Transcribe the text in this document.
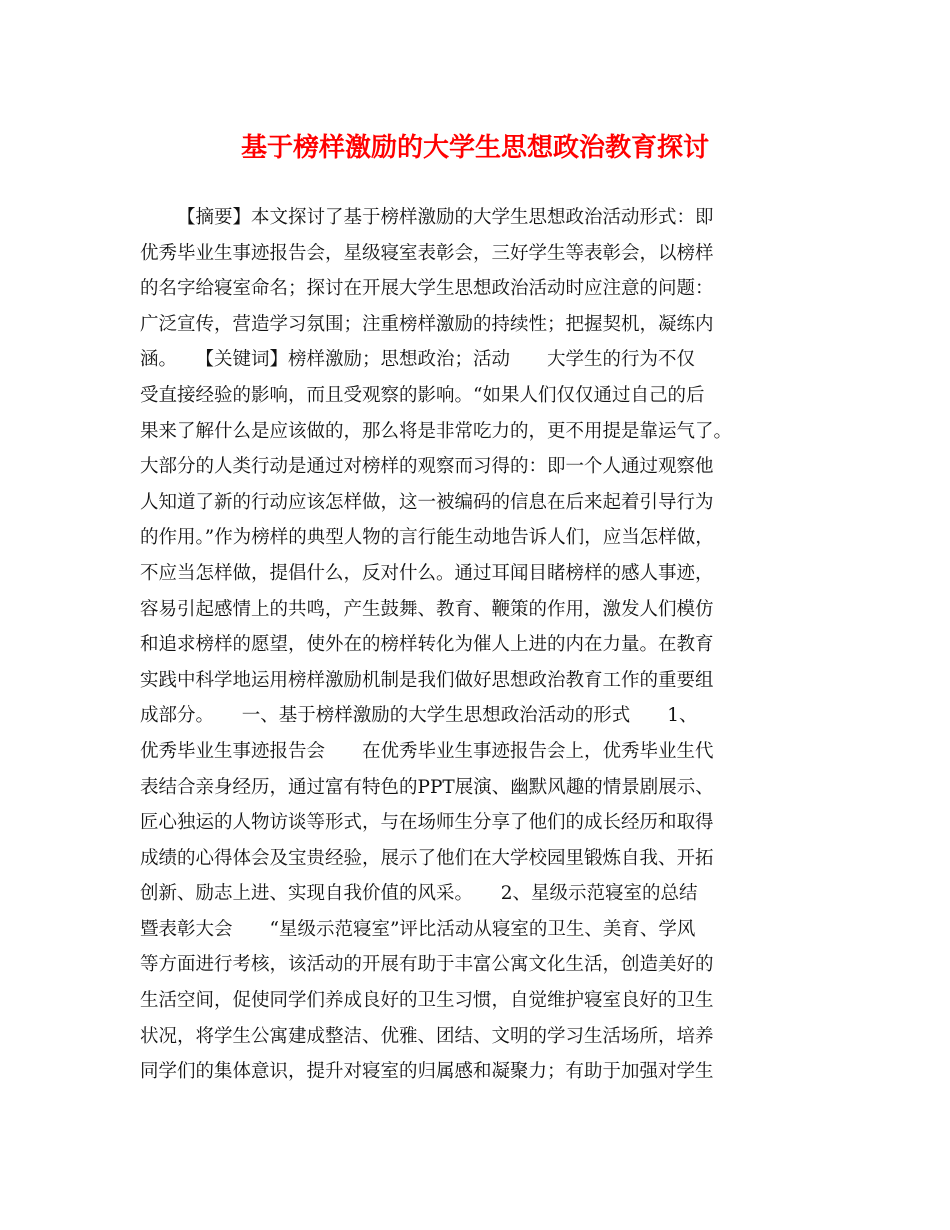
基于榜样激励的大学生思想政治教育探讨
【摘要】本文探讨了基于榜样激励的大学生思想政治活动形式：即
优秀毕业生事迹报告会，星级寝室表彰会，三好学生等表彰会，以榜样
的名字给寝室命名；探讨在开展大学生思想政治活动时应注意的问题：
广泛宣传，营造学习氛围；注重榜样激励的持续性；把握契机，凝练内
涵。　　【关键词】榜样激励；思想政治；活动　　大学生的行为不仅
受直接经验的影响，而且受观察的影响。“如果人们仅仅通过自己的后
果来了解什么是应该做的，那么将是非常吃力的，更不用提是靠运气了。
大部分的人类行动是通过对榜样的观察而习得的：即一个人通过观察他
人知道了新的行动应该怎样做，这一被编码的信息在后来起着引导行为
的作用。”作为榜样的典型人物的言行能生动地告诉人们，应当怎样做，
不应当怎样做，提倡什么，反对什么。通过耳闻目睹榜样的感人事迹，
容易引起感情上的共鸣，产生鼓舞、教育、鞭策的作用，激发人们模仿
和追求榜样的愿望，使外在的榜样转化为催人上进的内在力量。在教育
实践中科学地运用榜样激励机制是我们做好思想政治教育工作的重要组
成部分。　　一、基于榜样激励的大学生思想政治活动的形式　　1、
优秀毕业生事迹报告会　　在优秀毕业生事迹报告会上，优秀毕业生代
表结合亲身经历，通过富有特色的PPT展演、幽默风趣的情景剧展示、
匠心独运的人物访谈等形式，与在场师生分享了他们的成长经历和取得
成绩的心得体会及宝贵经验，展示了他们在大学校园里锻炼自我、开拓
创新、励志上进、实现自我价值的风采。　　2、星级示范寝室的总结
暨表彰大会　　“星级示范寝室”评比活动从寝室的卫生、美育、学风
等方面进行考核，该活动的开展有助于丰富公寓文化生活，创造美好的
生活空间，促使同学们养成良好的卫生习惯，自觉维护寝室良好的卫生
状况，将学生公寓建成整洁、优雅、团结、文明的学习生活场所，培养
同学们的集体意识，提升对寝室的归属感和凝聚力；有助于加强对学生
